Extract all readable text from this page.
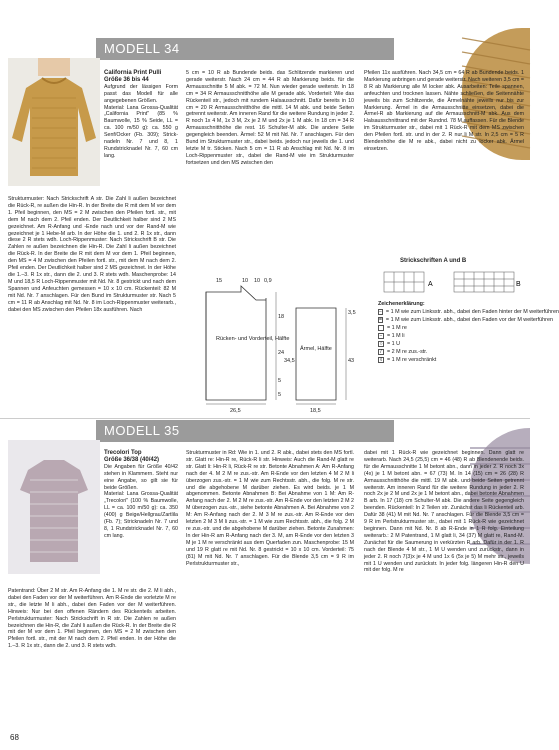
MODELL 34
California Print Pulli
Größe 36 bis 44
Aufgrund der lässigen Form passt das Modell für alle angegebenen Größen.
Material: Lana Grossa-Qualität „California Print" (85 % Baumwolle, 15 % Seide, LL = ca. 100 m/50 g): ca. 550 g Senf/Ocker (Fb. 309); Strick-nadeln Nr. 7 und 8, 1 Rundstricknadel Nr. 7, 60 cm lang.
Strukturmuster: Nach Strickschrift A str. Die Zahl li außen bezeichnet die Rück-R, re außen die Hin-R. In der Breite die R mit dem M vor dem 1. Pfeil beginnen, den MS = 2 M zwischen den Pfeilen fortl. str., mit dem M nach dem 2. Pfeil enden. Der Deutlichkeit halber sind 2 MS gezeichnet. Am R-Anfang und -Ende nach und vor der Rand-M wie gezeichnet je 1 Hebe-M arb. In der Höhe die 1. und 2. R 1x str., dann diese 2 R stets wdh. Loch-Rippenmuster: Nach Strickschrift B str. Die Zahlen re außen bezeichnen die Hin-R. Die Zahl li außen bezeichnet die Rück-R. In der Breite die R mit dem M vor dem 1. Pfeil beginnen, den MS = 4 M zwischen den Pfeilen fortl. str., mit dem M nach dem 2. Pfeil enden. Der Deutlichkeit halber sind 2 MS gezeichnet. In der Höhe die 1.–3. R 1x str., dann die 2. und 3. R stets wdh. Maschenprobe: 14 M und 18,5 R Loch-Rippenmuster mit Nd. Nr. 8 gestrickt und nach dem Spannen und Anfeuchten gemessen = 10 x 10 cm. Rückenteil: 82 M mit Nd. Nr. 7 anschlagen. Für den Bund im Strukturmuster str. Nach 5 cm = 11 R ab Anschlag mit Nd. Nr. 8 im Loch-Rippenmuster weiterarb., dabei den MS zwischen den Pfeilen 18x ausführen. Nach
5 cm = 10 R ab Bundende beids. das Schlitzende markieren und gerade weiterstr. Nach 24 cm = 44 R ab Markierung beids. für die Armausschnitte 5 M abk. = 72 M. Nun wieder gerade weiterstr. In 18 cm = 34 R Armausschnitthöhe alle M gerade abk. Vorderteil: Wie das Rückenteil str., jedoch mit rundem Halsausschnitt. Dafür bereits in 10 cm = 20 R Armausschnitthöhe die mittl. 14 M abk. und beide Seiten getrennt weiterstr. Am inneren Rand für die weitere Rundung in jeder 2. R noch 1x 4 M, 1x 3 M, 2x je 2 M und 2x je 1 M abk. In 18 cm = 34 R Armausschnitthöhe die rest. 16 Schulter-M abk. Die andere Seite gegengleich beenden. Ärmel: 52 M mit Nd. Nr. 7 anschlagen. Für den Bund im Strukturmuster str., dabei beids. jedoch nur jeweils die 1. und letzte M tr. Sticken. Nach 5 cm = 11 R ab Anschlag mit Nd. Nr. 8 im Loch-Rippenmuster str., dabei die Rand-M wie im Strukturmuster fortsetzen und den MS zwischen den
Pfeilen 11x ausführen. Nach 34,5 cm = 64 R ab Bundende beids. 1 Markierung anbringen und gerade weiterstr. Nach weiteren 3,5 cm = 8 R ab Markierung alle M locker abk. Ausarbeiten: Teile spannen, anfeuchten und trocknen lassen. Nähte schließen, die Seitennähte jeweils bis zum Schlitzende, die Ärmelnähte jeweils nur bis zur Markierung. Ärmel in die Armausschnitte einsetzen, dabei die Ärmel-R ab Markierung auf die Armausschnitt-M abk. Aus dem Halsausschnittrand mit der Rundnd. 78 M auffassen. Für die Blende im Strukturmuster str., dabei mit 1 Rück-R mit dem MS zwischen den Pfeilen fortl. str. und in der 2. R nur li M str. In 2,5 cm = 5 R Blendenhöhe die M re abk., dabei nicht zu locker abk. Ärmel einsetzen.
Rücken- und Vorderteil, Hälfte
Ärmel, Hälfte
15	10 10 0,9
18
24
5
5
34,5	43
3,5
26,5	18,5
Strickschriften A und B
A	B
Zeichenerklärung:
− = 1 M wie zum Linksstr. abh., dabei den Faden hinter der M weiterführen
= = 1 M wie zum Linksstr. abh., dabei den Faden vor der M weiterführen
= 1 M re
− = 1 M li
○ = 1 U
/ = 2 M re zus.-str.
ℓ = 1 M re verschränkt
MODELL 35
Trecolori Top
Größe 36/38 (40/42)
Die Angaben für Größe 40/42 stehen in Klammern. Steht nur eine Angabe, so gilt sie für beide Größen.
Material: Lana Grossa-Qualität „Trecolori" (100 % Baumwolle, LL = ca. 100 m/50 g): ca. 350 (400) g Beige/Hellgrau/Zartlila (Fb. 7); Stricknadeln Nr. 7 und 8, 1 Rundstricknadel Nr. 7, 60 cm lang.
Patentrand: Über 2 M str. Am R-Anfang die 1. M re str. die 2. M li abh., dabei den Faden vor der M weiterführen. Am R-Ende die vorletzte M re str., die letzte M li abh., dabei den Faden vor der M weiterführen. Hinweis: Nur bei den offenen Rändern des Rückenteils arbeiten. Perlstrukturmuster: Nach Strickschrift in R str. Die Zahlen re außen bezeichnen die Hin-R, die Zahl li außen die Rück-R. In der Breite die R mit der M vor dem 1. Pfeil beginnen, den MS = 2 M zwischen den Pfeilen fortl. str., mit der M nach dem 2. Pfeil enden. In der Höhe die 1.–3. R 1x str., dann die 2. und 3. R stets wdh.
Strukturmuster in Rd: Wie in 1. und 2. R abk., dabei stets den MS fortl. str. Glatt re: Hin-R re, Rück-R li str. Hinweis: Auch die Rand-M glatt re str. Glatt li: Hin-R li, Rück-R re str. Betonte Abnahmen A: Am R-Anfang nach der 4. M 2 M re zus.-str. Am R-Ende vor den letzten 4 M 2 M li überzogen zus.-str. = 1 M wie zum Rechtsstr. abh., die folg. M re str. und die abgehobene M darüber ziehen. Es wird beids. je 1 M abgenommen. Betonte Abnahmen B: Bei Abnahme von 1 M: Am R-Anfang nach der 2. M 2 M re zus.-str. Am R-Ende vor den letzten 2 M 2 M überzogen zus.-str., siehe betonte Abnahmen A. Bei Abnahme von 2 M: Am R-Anfang nach der 2. M 3 M re zus.-str. Am R-Ende vor den letzten 2 M 3 M li zus.-str. = 1 M wie zum Rechtsstr. abh., die folg. 2 M re zus.-str. und die abgehobene M darüber ziehen. Betonte Zunahmen: In der Hin-R am R-Anfang nach der 3. M, am R-Ende vor den letzten 3 M je 1 M re verschränkt aus dem Querfaden zun. Maschenprobe: 15 M und 19 R glatt re mit Nd. Nr. 8 gestrickt = 10 x 10 cm. Vorderteil: 75 (81) M mit Nd. Nr. 7 anschlagen. Für die Blende 3,5 cm = 9 R im Perlstrukturmuster str.,
dabei mit 1 Rück-R wie gezeichnet beginnen. Dann glatt re weiterarb. Nach 24,5 (25,5) cm = 46 (48) R ab Blendenende beids. für die Armausschnitte 1 M betont abn., dann in jeder 2. R noch 3x (4x) je 1 M betont abn. = 67 (73) M. In 14 (15) cm = 26 (28) R Armausschnitthöhe die mittl. 19 M abk. und beide Seiten getrennt weiterstr. Am inneren Rand für die weitere Rundung in jeder 2. R noch 2x je 2 M und 2x je 1 M betont abn., dabei betonte Abnahmen B arb. In 17 (18) cm Schulter-M abk. Die andere Seite gegengleich beenden. Rückenteil: In 2 Teilen str. Zunächst das li Rückenteil arb. Dafür 38 (41) M mit Nd. Nr. 7 anschlagen. Für die Blende 3,5 cm = 9 R im Perlstrukturmuster str., dabei mit 1 Rück-R wie gezeichnet beginnen. Dann mit Nd. Nr. 8 ab R-Ende in 1 R folg. Einteilung weiterarb.: 2 M Patentrand, 1 M glatt li, 34 (37) M glatt re, Rand-M. Zunächst für die Saumerung in verkürzten R arb. Dafür in der 1. R nach der Blende 4 M str., 1 M U wenden und zurückstr., dann in jeder 2. R noch 7(3)x je 4 M und 1x 6 (5x je 5) M mehr str., jeweils mit 1 U wenden und zurückstr. In jeder folg. längeren Hin-R den U mit der folg. M re
68
